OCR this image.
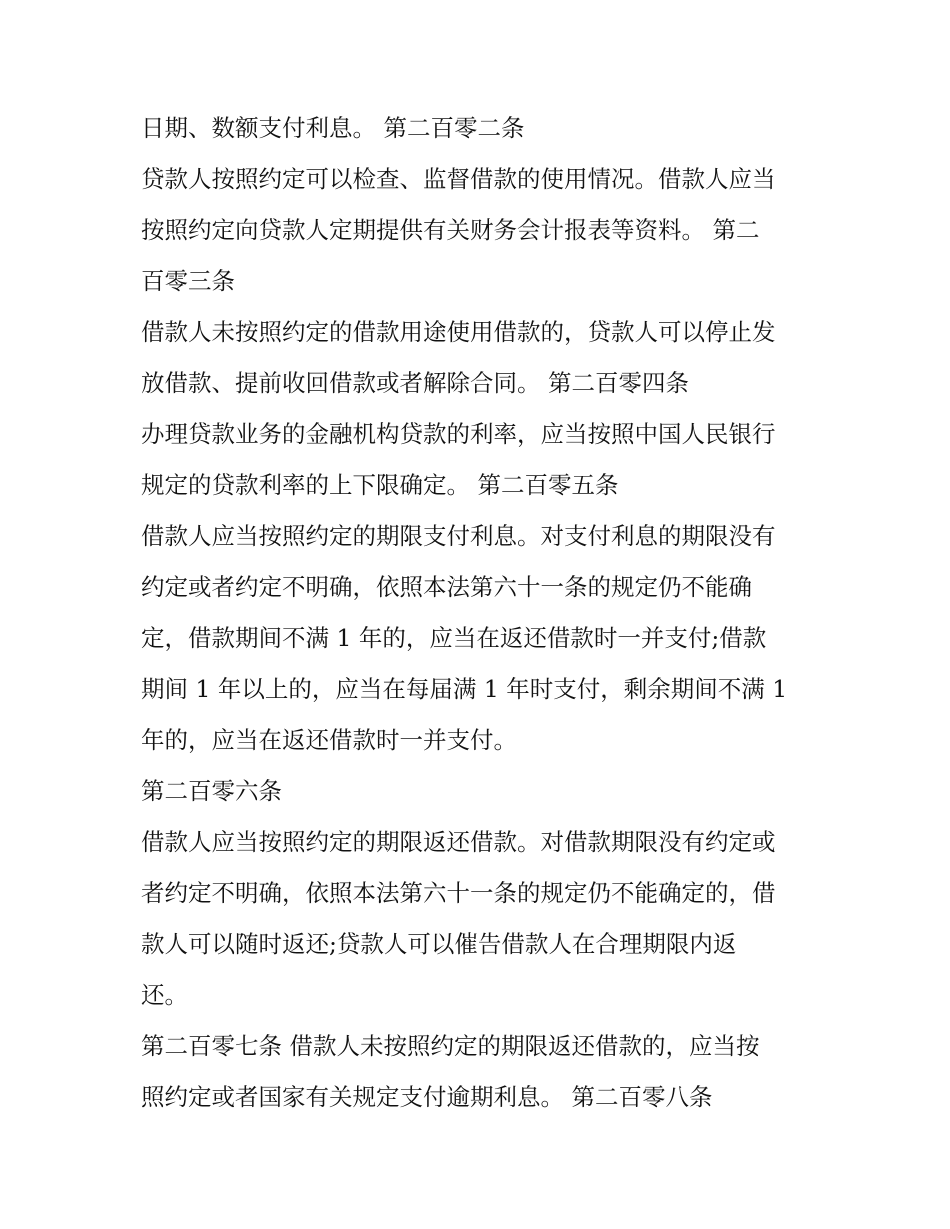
日期、数额支付利息。 第二百零二条
贷款人按照约定可以检查、监督借款的使用情况。借款人应当
按照约定向贷款人定期提供有关财务会计报表等资料。 第二
百零三条
借款人未按照约定的借款用途使用借款的，贷款人可以停止发
放借款、提前收回借款或者解除合同。 第二百零四条
办理贷款业务的金融机构贷款的利率，应当按照中国人民银行
规定的贷款利率的上下限确定。 第二百零五条
借款人应当按照约定的期限支付利息。对支付利息的期限没有
约定或者约定不明确，依照本法第六十一条的规定仍不能确
定，借款期间不满 1 年的，应当在返还借款时一并支付;借款
期间 1 年以上的，应当在每届满 1 年时支付，剩余期间不满 1
年的，应当在返还借款时一并支付。
第二百零六条
借款人应当按照约定的期限返还借款。对借款期限没有约定或
者约定不明确，依照本法第六十一条的规定仍不能确定的，借
款人可以随时返还;贷款人可以催告借款人在合理期限内返
还。
第二百零七条 借款人未按照约定的期限返还借款的，应当按
照约定或者国家有关规定支付逾期利息。 第二百零八条
